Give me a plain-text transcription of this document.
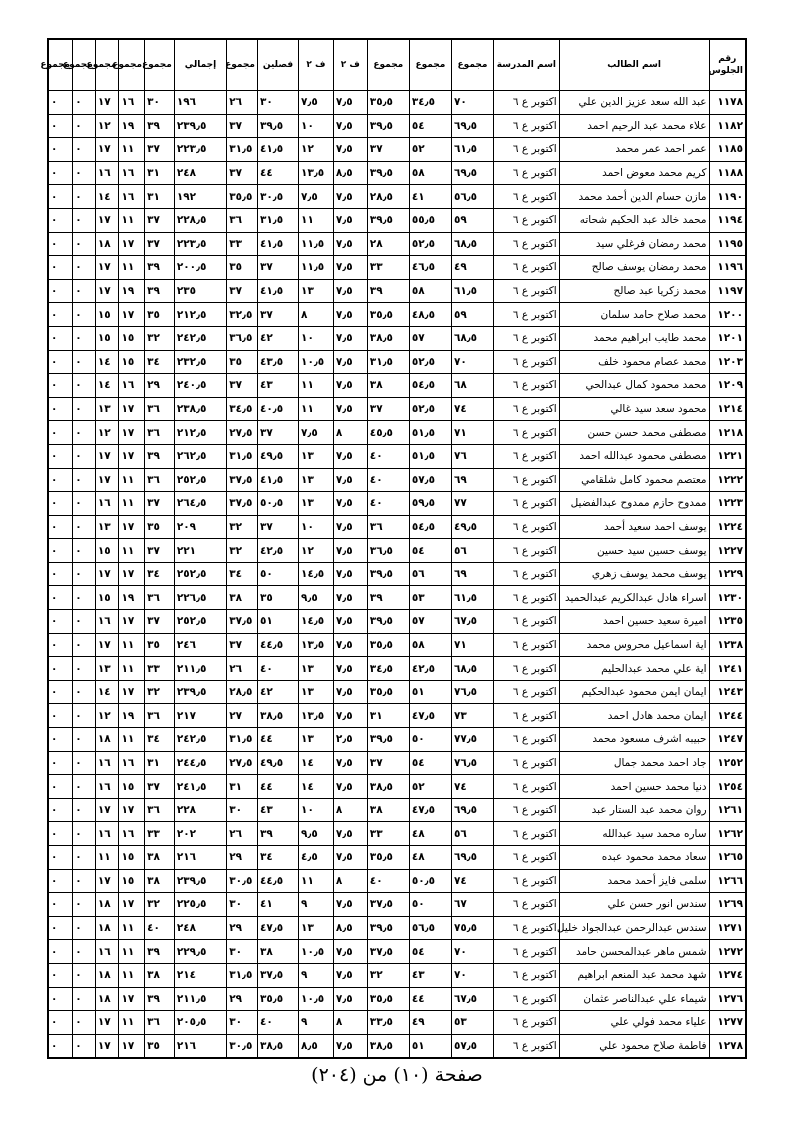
رقم الجلوس	اسم الطالب	اسم المدرسة	مجموع	مجموع	مجموع	ف ٢	ف ٢	فصلين	مجموع	إجمالي	مجموع	مجموع	مجموع	مجموع	مجموع
١١٧٨	عبد الله سعد عزيز الدين علي	اكتوبر ع ٦	٧٠	٣٤٫٥	٣٥٫٥	٧٫٥	٧٫٥	٣٠	٢٦	١٩٦	٣٠	١٦	١٧	٠	٠
١١٨٢	علاء محمد عبد الرحيم احمد	اكتوبر ع ٦	٦٩٫٥	٥٤	٣٩٫٥	٧٫٥	١٠	٣٩٫٥	٣٧	٢٣٩٫٥	٣٩	١٩	١٢	٠	٠
١١٨٥	عمر احمد عمر محمد	اكتوبر ع ٦	٦١٫٥	٥٢	٣٧	٧٫٥	١٢	٤١٫٥	٣١٫٥	٢٢٣٫٥	٣٧	١١	١٧	٠	٠
١١٨٨	كريم محمد معوض احمد	اكتوبر ع ٦	٦٩٫٥	٥٨	٣٩٫٥	٨٫٥	١٣٫٥	٤٤	٣٧	٢٤٨	٣١	١٦	١٦	٠	٠
١١٩٠	مازن حسام الدين أحمد محمد	اكتوبر ع ٦	٥٦٫٥	٤١	٢٨٫٥	٧٫٥	٧٫٥	٣٠٫٥	٣٥٫٥	١٩٢	٣١	١٦	١٤	٠	٠
١١٩٤	محمد خالد عبد الحكيم شحاته	اكتوبر ع ٦	٥٩	٥٥٫٥	٣٩٫٥	٧٫٥	١١	٣١٫٥	٣٦	٢٢٨٫٥	٣٧	١١	١٧	٠	٠
١١٩٥	محمد رمضان فرغلي سيد	اكتوبر ع ٦	٦٨٫٥	٥٢٫٥	٢٨	٧٫٥	١١٫٥	٤١٫٥	٣٣	٢٢٣٫٥	٣٧	١٧	١٨	٠	٠
١١٩٦	محمد رمضان يوسف صالح	اكتوبر ع ٦	٤٩	٤٦٫٥	٣٣	٧٫٥	١١٫٥	٣٧	٣٥	٢٠٠٫٥	٣٩	١١	١٧	٠	٠
١١٩٧	محمد زكريا عبد صالح	اكتوبر ع ٦	٦١٫٥	٥٨	٣٩	٧٫٥	١٣	٤١٫٥	٣٧	٢٣٥	٣٩	١٩	١٧	٠	٠
١٢٠٠	محمد صلاح حامد سلمان	اكتوبر ع ٦	٥٩	٤٨٫٥	٣٥٫٥	٧٫٥	٨	٣٧	٣٢٫٥	٢١٢٫٥	٣٥	١٧	١٥	٠	٠
١٢٠١	محمد طايب ابراهيم محمد	اكتوبر ع ٦	٦٨٫٥	٥٧	٣٨٫٥	٧٫٥	١٠	٤٢	٣٦٫٥	٢٤٢٫٥	٣٢	١٥	١٥	٠	٠
١٢٠٣	محمد عصام محمود خلف	اكتوبر ع ٦	٧٠	٥٢٫٥	٣١٫٥	٧٫٥	١٠٫٥	٤٣٫٥	٣٥	٢٣٢٫٥	٣٤	١٥	١٤	٠	٠
١٢٠٩	محمد محمود كمال عبدالحي	اكتوبر ع ٦	٦٨	٥٤٫٥	٣٨	٧٫٥	١١	٤٣	٣٧	٢٤٠٫٥	٢٩	١٦	١٤	٠	٠
١٢١٤	محمود سعد سيد غالي	اكتوبر ع ٦	٧٤	٥٢٫٥	٣٧	٧٫٥	١١	٤٠٫٥	٣٤٫٥	٢٣٨٫٥	٣٦	١٧	١٣	٠	٠
١٢١٨	مصطفى محمد حسن حسن	اكتوبر ع ٦	٧١	٥١٫٥	٤٥٫٥	٨	٧٫٥	٣٧	٢٧٫٥	٢١٢٫٥	٣٦	١٧	١٢	٠	٠
١٢٢١	مصطفى محمود عبدالله احمد	اكتوبر ع ٦	٧٦	٥١٫٥	٤٠	٧٫٥	١٣	٤٩٫٥	٣١٫٥	٢٦٢٫٥	٣٩	١٧	١٧	٠	٠
١٢٢٢	معتصم محمود كامل شلقامي	اكتوبر ع ٦	٦٩	٥٧٫٥	٤٠	٧٫٥	١٣	٤١٫٥	٣٧٫٥	٢٥٢٫٥	٣٦	١١	١٧	٠	٠
١٢٢٣	ممدوح حازم ممدوح عبدالفضيل	اكتوبر ع ٦	٧٧	٥٩٫٥	٤٠	٧٫٥	١٣	٥٠٫٥	٣٧٫٥	٢٦٤٫٥	٣٧	١١	١٦	٠	٠
١٢٢٤	يوسف احمد سعيد أحمد	اكتوبر ع ٦	٤٩٫٥	٥٤٫٥	٣٦	٧٫٥	١٠	٣٧	٣٢	٢٠٩	٣٥	١٧	١٣	٠	٠
١٢٢٧	يوسف حسين سيد حسين	اكتوبر ع ٦	٥٦	٥٤	٣٦٫٥	٧٫٥	١٢	٤٢٫٥	٣٢	٢٢١	٣٧	١١	١٥	٠	٠
١٢٢٩	يوسف محمد يوسف زهري	اكتوبر ع ٦	٦٩	٥٦	٣٩٫٥	٧٫٥	١٤٫٥	٥٠	٣٤	٢٥٢٫٥	٣٤	١٧	١٧	٠	٠
١٢٣٠	اسراء هادل عبدالكريم عبدالحميد	اكتوبر ع ٦	٦١٫٥	٥٣	٣٩	٧٫٥	٩٫٥	٣٥	٣٨	٢٢٦٫٥	٣٦	١٩	١٥	٠	٠
١٢٣٥	اميرة سعيد حسين احمد	اكتوبر ع ٦	٦٧٫٥	٥٧	٣٩٫٥	٧٫٥	١٤٫٥	٥١	٣٧٫٥	٢٥٢٫٥	٣٧	١٧	١٦	٠	٠
١٢٣٨	اية اسماعيل محروس محمد	اكتوبر ع ٦	٧١	٥٨	٣٥٫٥	٧٫٥	١٣٫٥	٤٤٫٥	٣٧	٢٤٦	٣٥	١١	١٧	٠	٠
١٢٤١	اية علي محمد عبدالحليم	اكتوبر ع ٦	٦٨٫٥	٤٢٫٥	٣٤٫٥	٧٫٥	١٣	٤٠	٢٦	٢١١٫٥	٣٣	١١	١٣	٠	٠
١٢٤٣	ايمان ايمن محمود عبدالحكيم	اكتوبر ع ٦	٧٦٫٥	٥١	٣٥٫٥	٧٫٥	١٣	٤٢	٢٨٫٥	٢٣٩٫٥	٣٢	١٧	١٤	٠	٠
١٢٤٤	ايمان محمد هادل احمد	اكتوبر ع ٦	٧٣	٤٧٫٥	٣١	٧٫٥	١٣٫٥	٣٨٫٥	٢٧	٢١٧	٣٦	١٩	١٢	٠	٠
١٢٤٧	حبيبه اشرف مسعود محمد	اكتوبر ع ٦	٧٧٫٥	٥٠	٣٩٫٥	٢٫٥	١٣	٤٤	٣١٫٥	٢٤٢٫٥	٣٤	١١	١٨	٠	٠
١٢٥٢	جاد احمد محمد جمال	اكتوبر ع ٦	٧٦٫٥	٥٤	٣٧	٧٫٥	١٤	٤٩٫٥	٢٧٫٥	٢٤٤٫٥	٣١	١٦	١٦	٠	٠
١٢٥٤	دنيا محمد حسين احمد	اكتوبر ع ٦	٧٤	٥٢	٣٨٫٥	٧٫٥	١٤	٤٤	٣١	٢٤١٫٥	٣٧	١٥	١٦	٠	٠
١٢٦١	روان محمد عبد الستار عبد	اكتوبر ع ٦	٦٩٫٥	٤٧٫٥	٣٨	٨	١٠	٤٣	٣٠	٢٢٨	٣٦	١٧	١٧	٠	٠
١٢٦٢	ساره محمد سيد عبدالله	اكتوبر ع ٦	٥٦	٤٨	٣٣	٧٫٥	٩٫٥	٣٩	٢٦	٢٠٢	٣٣	١٦	١٦	٠	٠
١٢٦٥	سعاد محمد محمود عبده	اكتوبر ع ٦	٦٩٫٥	٤٨	٣٥٫٥	٧٫٥	٤٫٥	٣٤	٢٩	٢١٦	٣٨	١٥	١١	٠	٠
١٢٦٦	سلمى فايز أحمد محمد	اكتوبر ع ٦	٧٤	٥٠٫٥	٤٠	٨	١١	٤٤٫٥	٣٠٫٥	٢٣٩٫٥	٣٨	١٥	١٧	٠	٠
١٢٦٩	سندس انور حسن علي	اكتوبر ع ٦	٦٧	٥٠	٣٧٫٥	٧٫٥	٩	٤١	٣٠	٢٢٥٫٥	٣٢	١٧	١٨	٠	٠
١٢٧١	سندس عبدالرحمن عبدالجواد خليل	اكتوبر ع ٦	٧٥٫٥	٥٦٫٥	٣٩٫٥	٨٫٥	١٣	٤٧٫٥	٢٩	٢٤٨	٤٠	١١	١٨	٠	٠
١٢٧٢	شمس ماهر عبدالمحسن حامد	اكتوبر ع ٦	٧٠	٥٤	٣٧٫٥	٧٫٥	١٠٫٥	٣٨	٣٠	٢٢٩٫٥	٣٩	١١	١٦	٠	٠
١٢٧٤	شهد محمد عبد المنعم ابراهيم	اكتوبر ع ٦	٧٠	٤٣	٣٢	٧٫٥	٩	٣٧٫٥	٣١٫٥	٢١٤	٣٨	١١	١٨	٠	٠
١٢٧٦	شيماء علي عبدالناصر عثمان	اكتوبر ع ٦	٦٧٫٥	٤٤	٣٥٫٥	٧٫٥	١٠٫٥	٣٥٫٥	٢٩	٢١١٫٥	٣٩	١٧	١٨	٠	٠
١٢٧٧	علياء محمد فولي علي	اكتوبر ع ٦	٥٣	٤٩	٣٣٫٥	٨	٩	٤٠	٣٠	٢٠٥٫٥	٣٦	١١	١٧	٠	٠
١٢٧٨	فاطمة صلاح محمود علي	اكتوبر ع ٦	٥٧٫٥	٥١	٣٨٫٥	٧٫٥	٨٫٥	٣٨٫٥	٣٠٫٥	٢١٦	٣٥	١٧	١٧	٠	٠
صفحة (١٠) من (٢٠٤)
